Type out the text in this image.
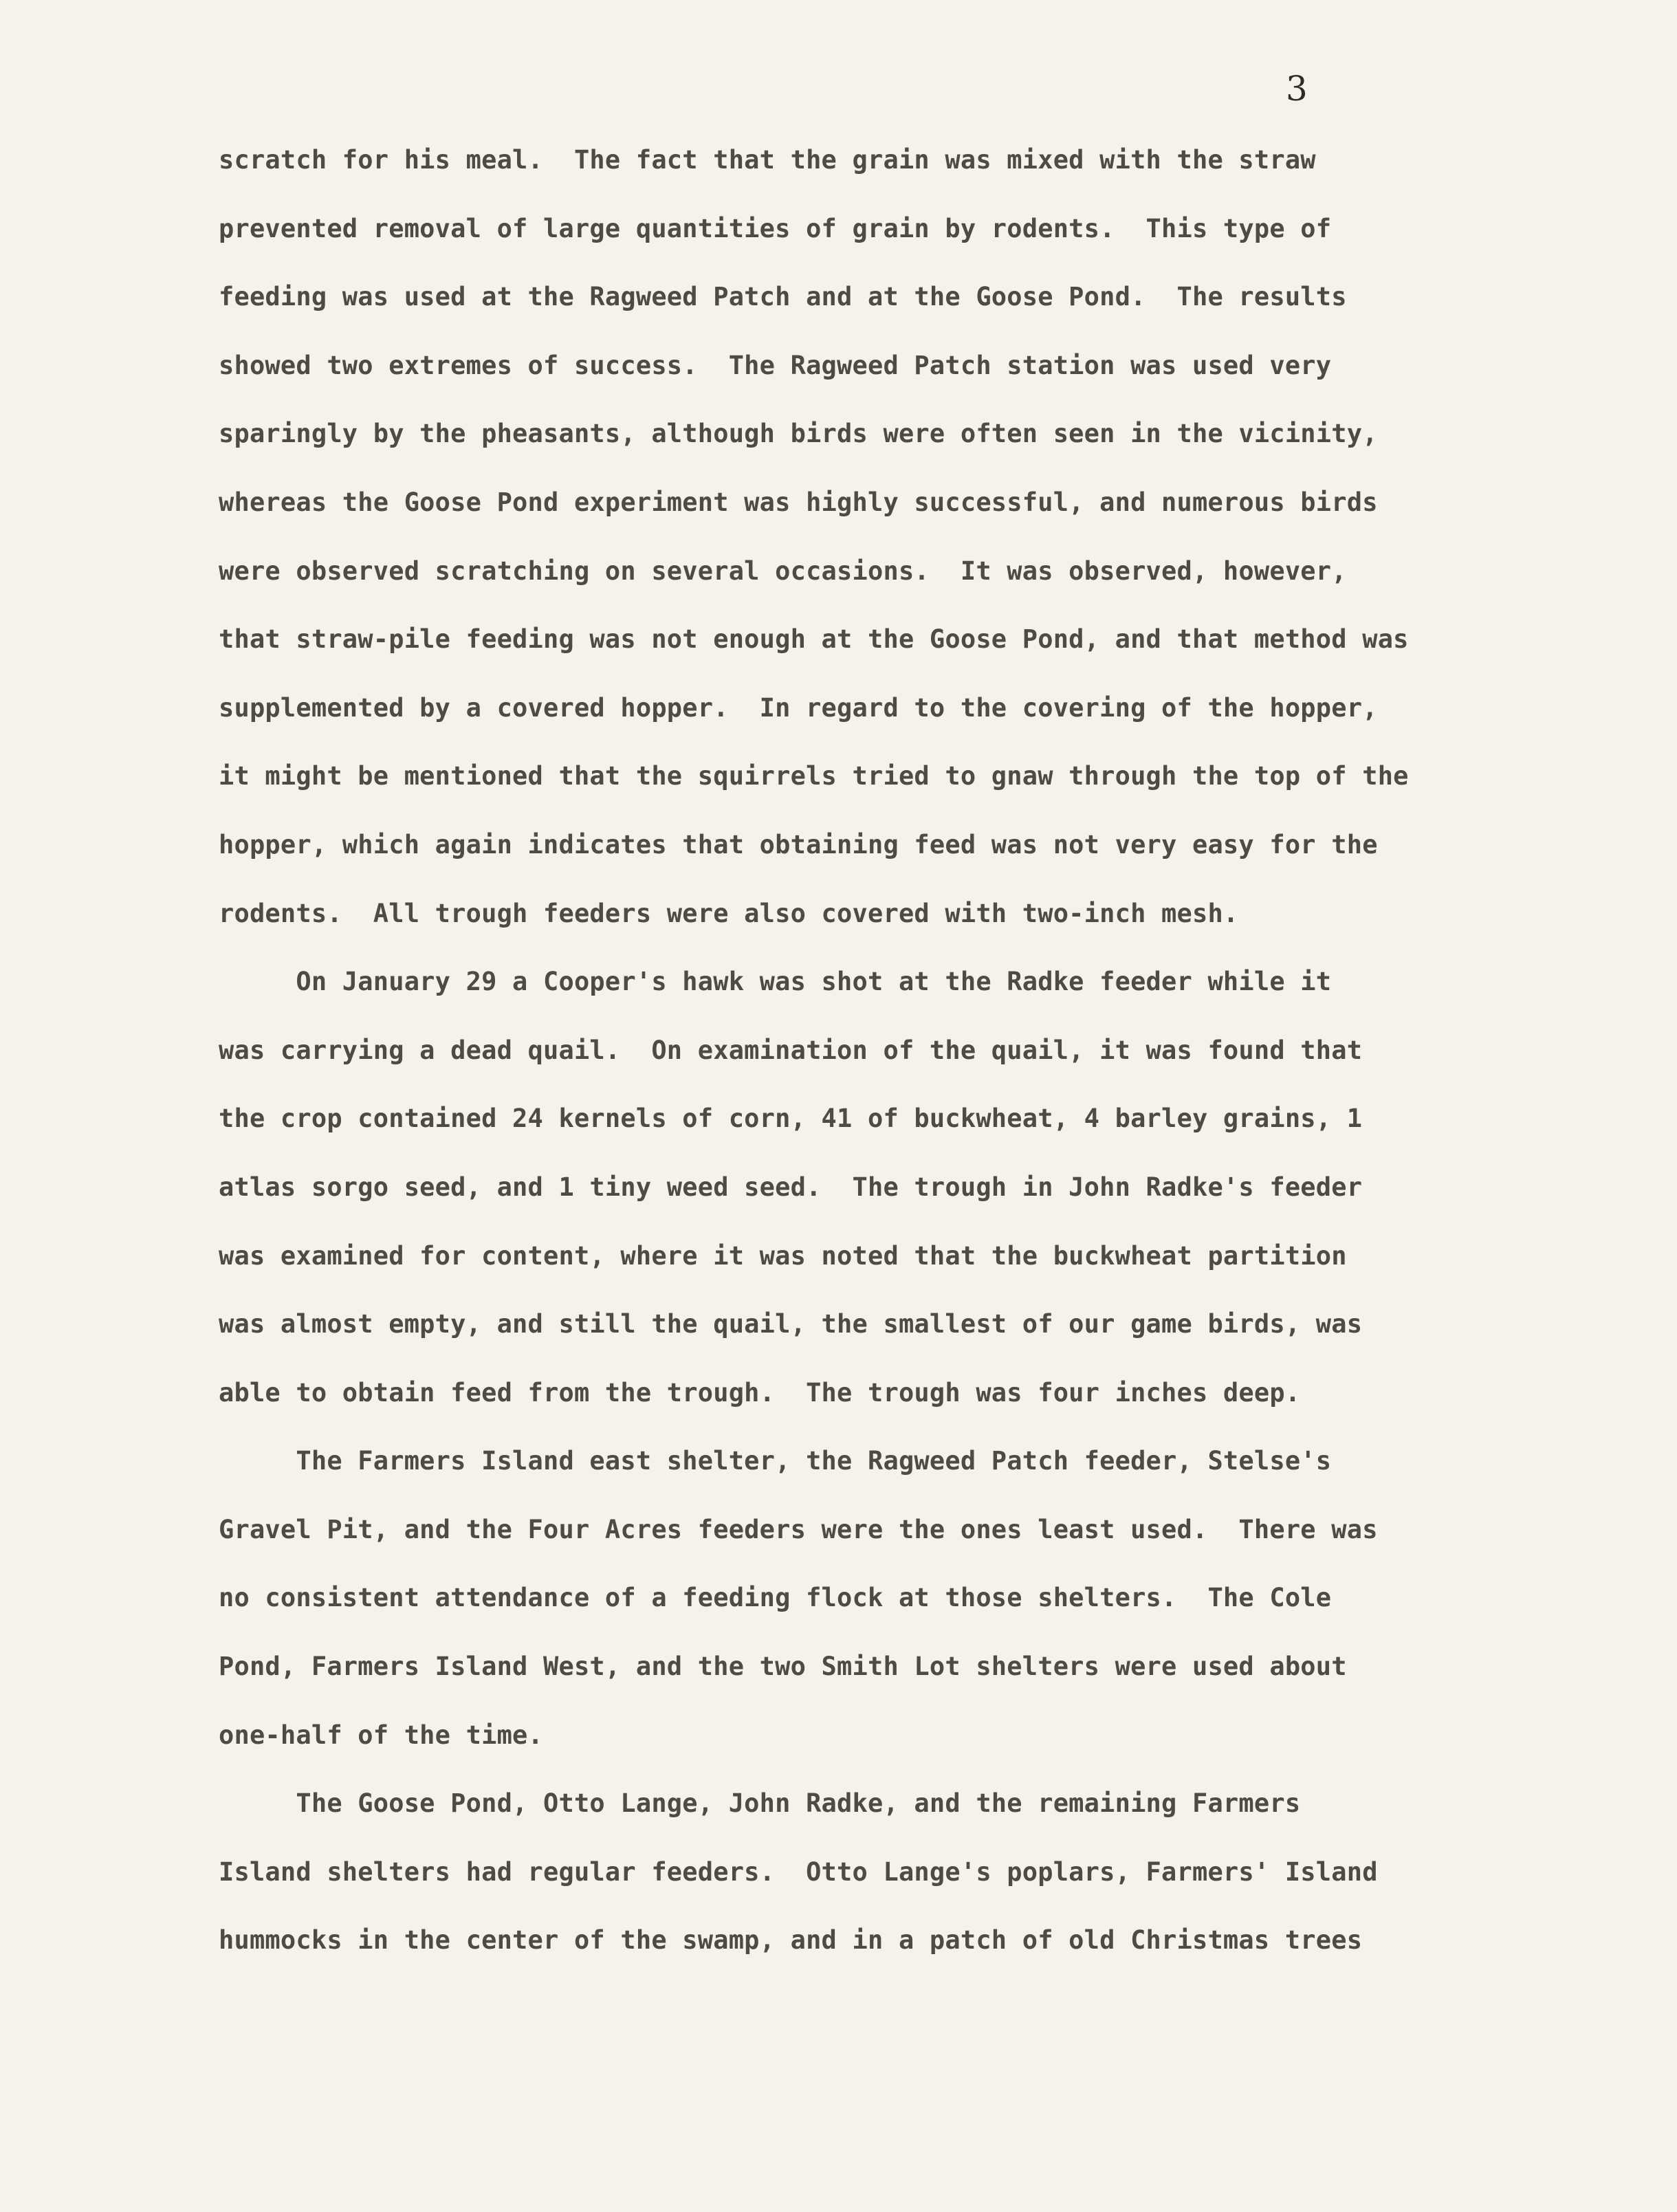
3
scratch for his meal.  The fact that the grain was mixed with the straw
prevented removal of large quantities of grain by rodents.  This type of
feeding was used at the Ragweed Patch and at the Goose Pond.  The results
showed two extremes of success.  The Ragweed Patch station was used very
sparingly by the pheasants, although birds were often seen in the vicinity,
whereas the Goose Pond experiment was highly successful, and numerous birds
were observed scratching on several occasions.  It was observed, however,
that straw-pile feeding was not enough at the Goose Pond, and that method was
supplemented by a covered hopper.  In regard to the covering of the hopper,
it might be mentioned that the squirrels tried to gnaw through the top of the
hopper, which again indicates that obtaining feed was not very easy for the
rodents.  All trough feeders were also covered with two-inch mesh.
On January 29 a Cooper's hawk was shot at the Radke feeder while it
was carrying a dead quail.  On examination of the quail, it was found that
the crop contained 24 kernels of corn, 41 of buckwheat, 4 barley grains, 1
atlas sorgo seed, and 1 tiny weed seed.  The trough in John Radke's feeder
was examined for content, where it was noted that the buckwheat partition
was almost empty, and still the quail, the smallest of our game birds, was
able to obtain feed from the trough.  The trough was four inches deep.
The Farmers Island east shelter, the Ragweed Patch feeder, Stelse's
Gravel Pit, and the Four Acres feeders were the ones least used.  There was
no consistent attendance of a feeding flock at those shelters.  The Cole
Pond, Farmers Island West, and the two Smith Lot shelters were used about
one-half of the time.
The Goose Pond, Otto Lange, John Radke, and the remaining Farmers
Island shelters had regular feeders.  Otto Lange's poplars, Farmers' Island
hummocks in the center of the swamp, and in a patch of old Christmas trees
